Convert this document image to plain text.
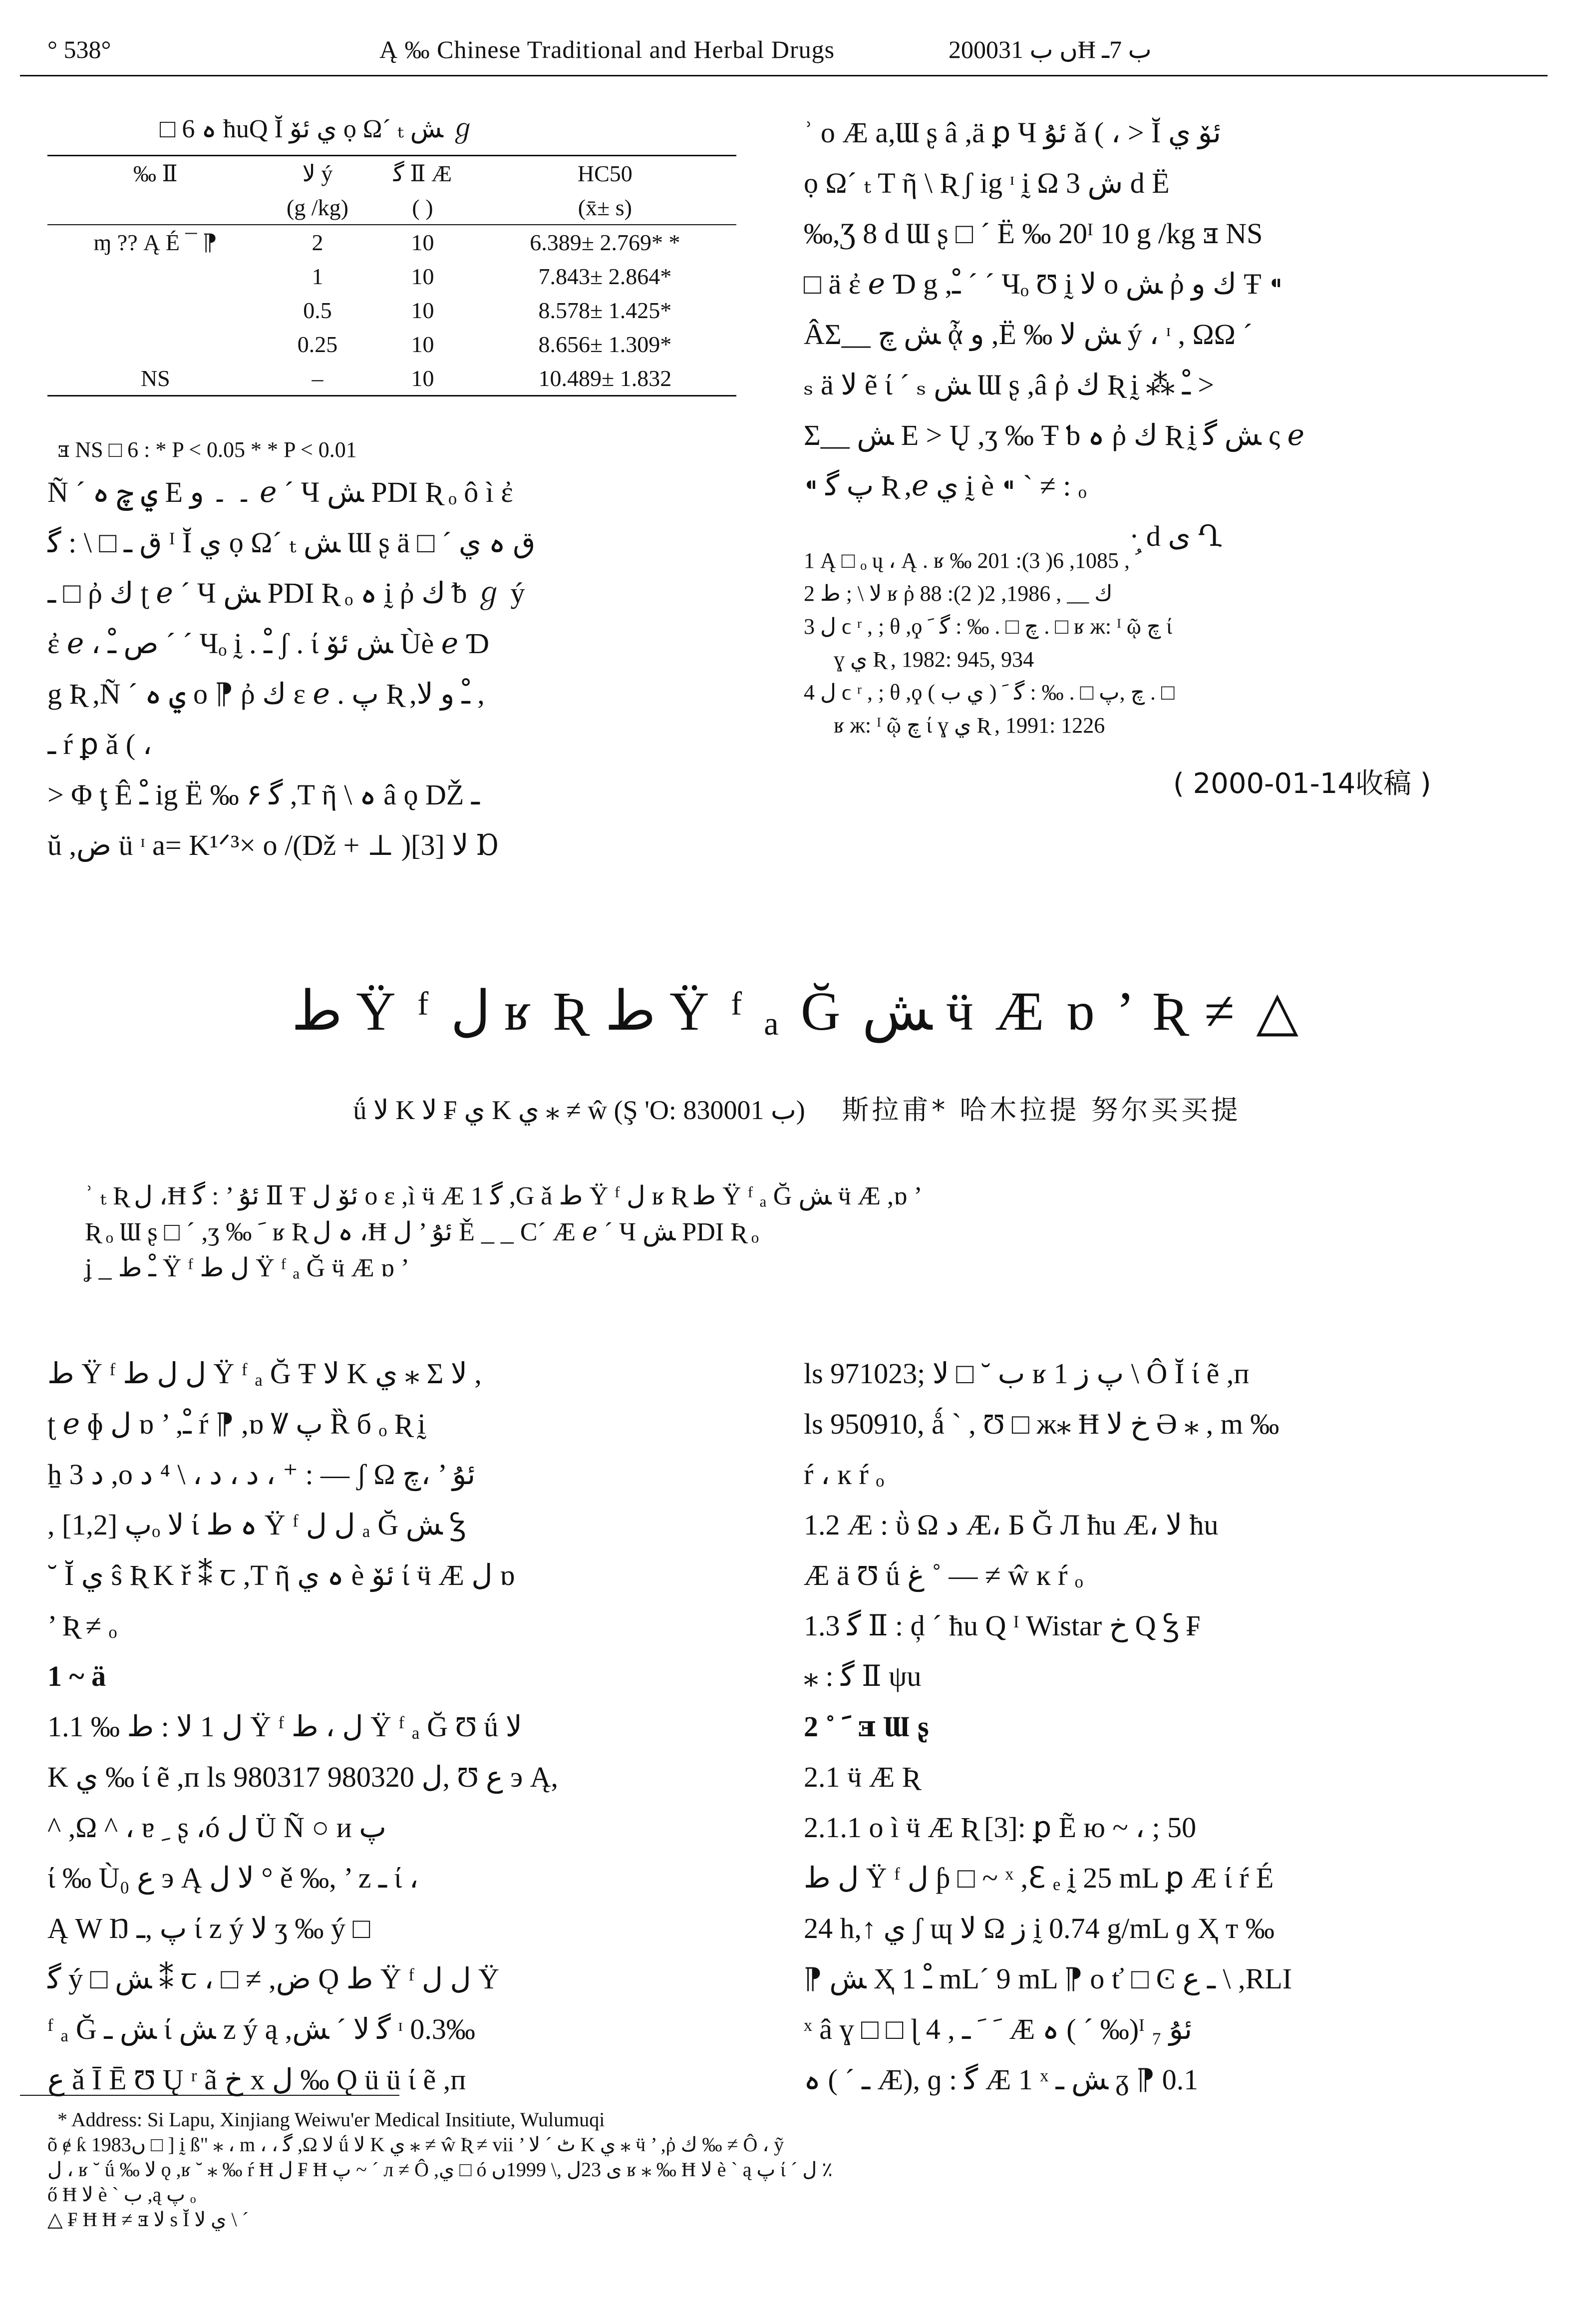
° 538°	Ą ‰ Chinese Traditional and Herbal Drugs	2000ں ب 31Ħ ب 7ـ
□ 6 ہ ħuQ Ĭ ي ئۆ ọ Ω´ ₜ ﺶ ℊ
‰ Ⅱ	ﻻ ý	ﮔ Ⅱ Æ	HC50
	(g /kg)	( )	(x̄± s)
ɱ ?? Ą É ¯ ⁋	2	10	6.389± 2.769* *
	1	10	7.843± 2.864*
	0.5	10	8.578± 1.425*
	0.25	10	8.656± 1.309*
NS	–	10	10.489± 1.832
ⱻ NS □ 6 : * P < 0.05 * * P < 0.01
Ñ ´ ي چ ہ Ε ۔ ۔ ﻭ ℯ ´ Ч ﺶ PDI Ʀ ₒ ô ì ἐ
ق ـ □ \ : ﮔ ᴵ Ĭ ي ọ Ω´ ₜ ﺶ Ɯ ʂ ä □ ´ ق ہ ي
ـ □ ῤ ﻙ ʈ ℯ ´ Ч ﺶ PDI Ʀ ₒ ہ ḭ ῤ ﻙ ᵬ ℊ ý
ἐ ℯ ، ﺹ ﹿ ´ ´ Чₒ ḭ . ﹿ ʃ . ί ﺶ ئۆ Ùè ℯ Ɗ
g Ʀ ,Ñ ´ ي ہ o ⁋ ῤ ﻙ ε ℯ . ﭖ Ʀ ,ﹿ ﻭ ﻻ ,
ـ ŕ ꝑ ǎ ( ،
> Φ ţ Ê ﹿ ig Ë ‰ ۶ ﮔ ,Τ ῆ \ ہ â ǫ Ǆ ـ
ŭ ,ض ü ᶦ a= K¹ᐟ³× o /(Dž + ⊥ )[3] ﻻ Ɒ
ʾ o Æ a,Ɯ ʂ â ,ä ꝑ Ч ئۇ ǎ ( ، > Ĭ ئۆ ي
ọ Ω´ ₜ T ῆ \ Ʀ ʃ ig ᶦ ḭ Ω ﺵ 3 d Ë
‰,Ʒ 8 d Ɯ ʂ □ ´ Ë ‰ 20ᴵ 10 g /kg ⱻ NS
□ ä ἐ ℯ Ɗ g ,ﹿ ´ ´ Чₒ Ʊ ḭ ﻻ o ﺶ ῤ ﻙ ﻭ Ŧ ⁌
ÂΣ__ ﺶ چ ᾆ ﻭ ,Ë ‰ ﺶ ﻻ ý ، ᶦ , ΩΩ ´
ₛ ä ﻻ ẽ ί ´ ₛ ﺶ Ɯ ʂ ,â ῤ ﻙ Ʀ ḭ ⁂ ﹿ >
Σ__ ﺶ Ε > Ų ,ʒ ‰ Ŧ ƅ ہ ῤ ﻙ Ʀ ḭ ﺶ ﮔ ς ℯ
⁌ ﭖ ﮔ Ʀ ,ℯ ي ḭ è ⁌ ` ≠ : ₒ
· d ى Ղ
1 Ą □ ₒ ų ، Ą . ʁ ‰ ﹸ , 1085, 6( 3): 201
2 لا \ ; ﻁ ʁ ῤ ﻙ __ , 1986, 2( 2): 88
3 ﻝ ϲ ʳ , ; θ ,ϙ چ □ . ‰ : ﮔ ﹶ . □ ʁ ж: ᴵ ῷ ﭺ ί
ɣ ي Ʀ , 1982: 945, 934
4 ﻝ ϲ ʳ , ; θ ,ϙ چ ,ﭖ □ . ‰ : ﮔ ﹶ ( ي ب ) . □
ʁ ж: ᴵ ῷ ﭺ ί ɣ ي Ʀ , 1991: 1226
( 2000-01-14收稿 )
ﻁ Ÿ ᶠ ﻝ ʁ Ʀ ﻁ Ÿ ᶠ ₐ Ğ ﺶ ӵ Æ ɒ ’ Ʀ ≠ △
ǘ ﻻ K ي ₣ ﻻ K ي ⁎ ≠ ŵ (Ş 'O: ب 830001) 斯拉甫* 哈木拉提 努尔买买提
ʾ ₜ Ʀ ﻝ ،Ħ ئۇ ’ : ﮔ Ⅱ Ŧ ئۆ ﻝ o ε ,ì ӵ Æ 1 ﮔ ,G ǎ ﻁ Ÿ ᶠ ﻝ ʁ Ʀ ﻁ Ÿ ᶠ ₐ Ğ ﺶ ӵ Æ ,ɒ ’
Ʀ ₒ Ɯ ʂ □ ´ ,ʒ ‰ ﹶ ʁ Ʀ ہ ﻝ ،Ħ ئۇ ’ ﻝ Ě _ _ C´ Æ ℯ ´ Ч ﺶ PDI Ʀ ₒ
ʝ _ ﹿ ﻁ Ÿ ᶠ ﻝ ﻁ Ÿ ᶠ ₐ Ğ ӵ Æ ɒ ’
ﻁ Ÿ ᶠ ﻝ ﻝ ﻁ Ÿ ᶠ ₐ Ğ Ŧ ﻻ K ي ⁎ Σ ﻻ ,
ʈ ℯ ɸ ﻝ ɒ ’ ,ﹿ ŕ ⁋ ,ɒ Ꝟ ﭖ Ȑ б ₒ Ʀ ḭ
ẖ 3 ﺩ ,o ﺩ ، ﺩ ، \ ⁴ ﺩ ، ⁺ : — ʃ Ω ئۇ ’ ،چ
, ﭖ [1,2]ₒ ﻻ ί ہ ﻁ Ÿ ᶠ ﻝ ﻝ ₐ Ğ ﺶ Ꝣ
˘ Ĭ ي ŝ Ʀ K ř ⁑ ꞇ ,Τ ῆ ہ ي è ئۆ ί ӵ Æ ﻝ ɒ
’ Ʀ ≠ ₒ
1 ~ ӓ
1.1 ‰ ﻝ 1 ﻻ : ﻁ Ÿ ᶠ ﻝ ، ﻁ Ÿ ᶠ ₐ Ğ Ʊ ǘ ﻻ
K ي ‰ ί ẽ ,ᴨ ls 980317 ﻝ 980320, Ʊ ﻉ э Ą,
^ ,Ω ^ ، ɐ ﹺ ʂ ،ó ﻝ Ü Ñ ○ и ﭖ
ί ‰ Ù₀ ﻉ э Ą ﻻ ﻝ ° ě ‰, ’ z ـ ί ،
Ą W Ŋ ﭖ ,ـ ί z ý ﻻ ʒ ‰ ý □
ﮔ ý □ ﺶ ⁑ ꞇ ، □ ≠ ,ﺽ Ǫ ﻁ Ÿ ᶠ ﻝ ﻝ Ÿ
ᶠ ₐ Ğ ﺶ ـ ί ﺶ z ý ą ,ﮔ ﻻ ´ ﺶ ᶦ 0.3‰
ﻉ ǎ Ī Ē Ʊ Ų ʳ ã ﺥ x ﻝ ‰ Ǫ ü ü ί ẽ ,ᴨ
ls 971023; ب ˘ □ لا ʁ 1 ﭖ ﺯ \ Ô Ĭ ί ẽ ,ᴨ
ls 950910, ǻ ` , Ʊ □ ж⁎ Ħ ﺥ ﻻ Ə ⁎ , m ‰
ŕ ، ĸ ŕ ₒ
1.2 Æ : ῢ Ω ﺩ Æ، Ƃ Ğ Л ħu Æ، ﻻ ħu
Æ ä Ʊ ǘ ﻍ ˚ — ≠ ŵ ĸ ŕ ₒ
1.3 ﮔ Ⅱ : ḑ ´ ħu Q ᴵ Wistar ﺥ Q Ꝣ ₣
⁎ : ﮔ Ⅱ ψu
2 ˚ ﹶ ⱻ Ɯ ʂ
2.1 ӵ Æ Ʀ
2.1.1 o ì ӵ Æ Ʀ [3]: ꝑ Ẽ ю ~ ، ; 50
ﻝ ﻁ Ÿ ᶠ ﻝ ƥ □ ~ ˣ ,ℇ ₑ ḭ 25 mL ꝑ Æ ί ŕ É
24 h,↑ ي ʃ ɰ لا Ω ﺯ ḭ 0.74 g/mL ɡ Ҳ т ‰
⁋ ﺶ Ҳ ﹿ 1 mL´ 9 mL ⁋ o ť □ Ͼ ـ ﻉ \ ,RLI
ˣ â ɣ □ □ ɭ 4 , ﹶ ﹶ ـ Æ ہ ( ´ ‰)ᴵ ₇ ئۇ
ہ ( ´ ـ Æ), ɡ : ﮔ Æ 1 ˣ ﺶ ـ ᵹ ⁋ 0.1
* Address: Si Lapu, Xinjiang Weiwu'er Medical Insitiute, Wulumuqi
õ ɇ ƙ 1983ں □ ] ḭ ß" ⁎ ، m ، ، ﮔ ,Ω لا ǘ ﻻ K ي ⁎ ≠ ŵ Ʀ ≠ vii ’ ٹ ´ ﻻ K ي ⁎ ӵ ’ ,ῤ ﻙ ‰ ≠ Ô ، ỹ
ﻝ ، ʁ ˘ ǘ ‰ ﻻ ǫ ,ʁ ˘ ⁎ ‰ ŕ Ħ ﻝ ₣ Ħ ﭖ ~ ´ л ≠ Ô ,ي □ ó ى 23ﻝ ,\ 1999ں ʁ ⁎ ‰ Ħ ﻻ è ` ą ﭖ ί ´ ﻝ ٪
ő Ħ ﻻ è ` ب ,ą ﭖ ₒ
△ ₣ Ħ Ħ ≠ ⱻ ﻻ s Ĭ ي ﻻ \ ´
